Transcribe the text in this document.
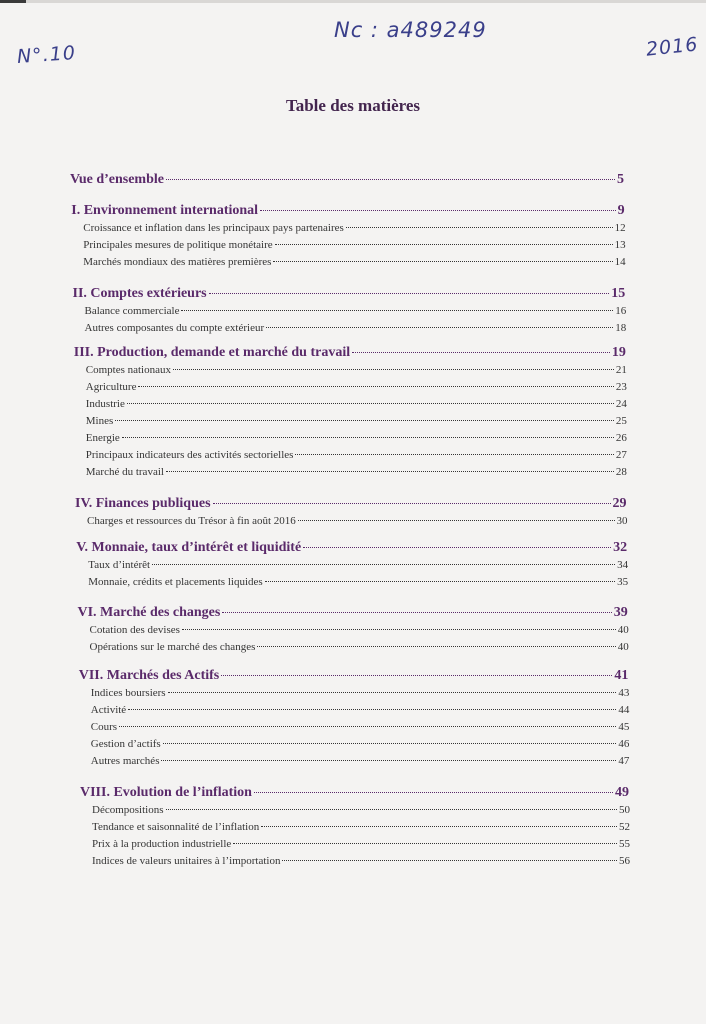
N°.10
Nc : a489249
2016
Table des matières
Vue d’ensemble	5
I. Environnement international	9
Croissance et inflation dans les principaux pays partenaires	12
Principales mesures de politique monétaire	13
Marchés mondiaux des matières premières	14
II. Comptes extérieurs	15
Balance commerciale	16
Autres composantes du compte extérieur	18
III. Production, demande et marché du travail	19
Comptes nationaux	21
Agriculture	23
Industrie	24
Mines	25
Energie	26
Principaux indicateurs des activités sectorielles	27
Marché du travail	28
IV. Finances publiques	29
Charges et ressources du Trésor à fin août 2016	30
V. Monnaie, taux d’intérêt et liquidité	32
Taux d’intérêt	34
Monnaie, crédits et placements liquides	35
VI. Marché des changes	39
Cotation des devises	40
Opérations sur le marché des changes	40
VII. Marchés des Actifs	41
Indices boursiers	43
Activité	44
Cours	45
Gestion d’actifs	46
Autres marchés	47
VIII. Evolution de l’inflation	49
Décompositions	50
Tendance et saisonnalité de l’inflation	52
Prix à la production industrielle	55
Indices de valeurs unitaires à l’importation	56
